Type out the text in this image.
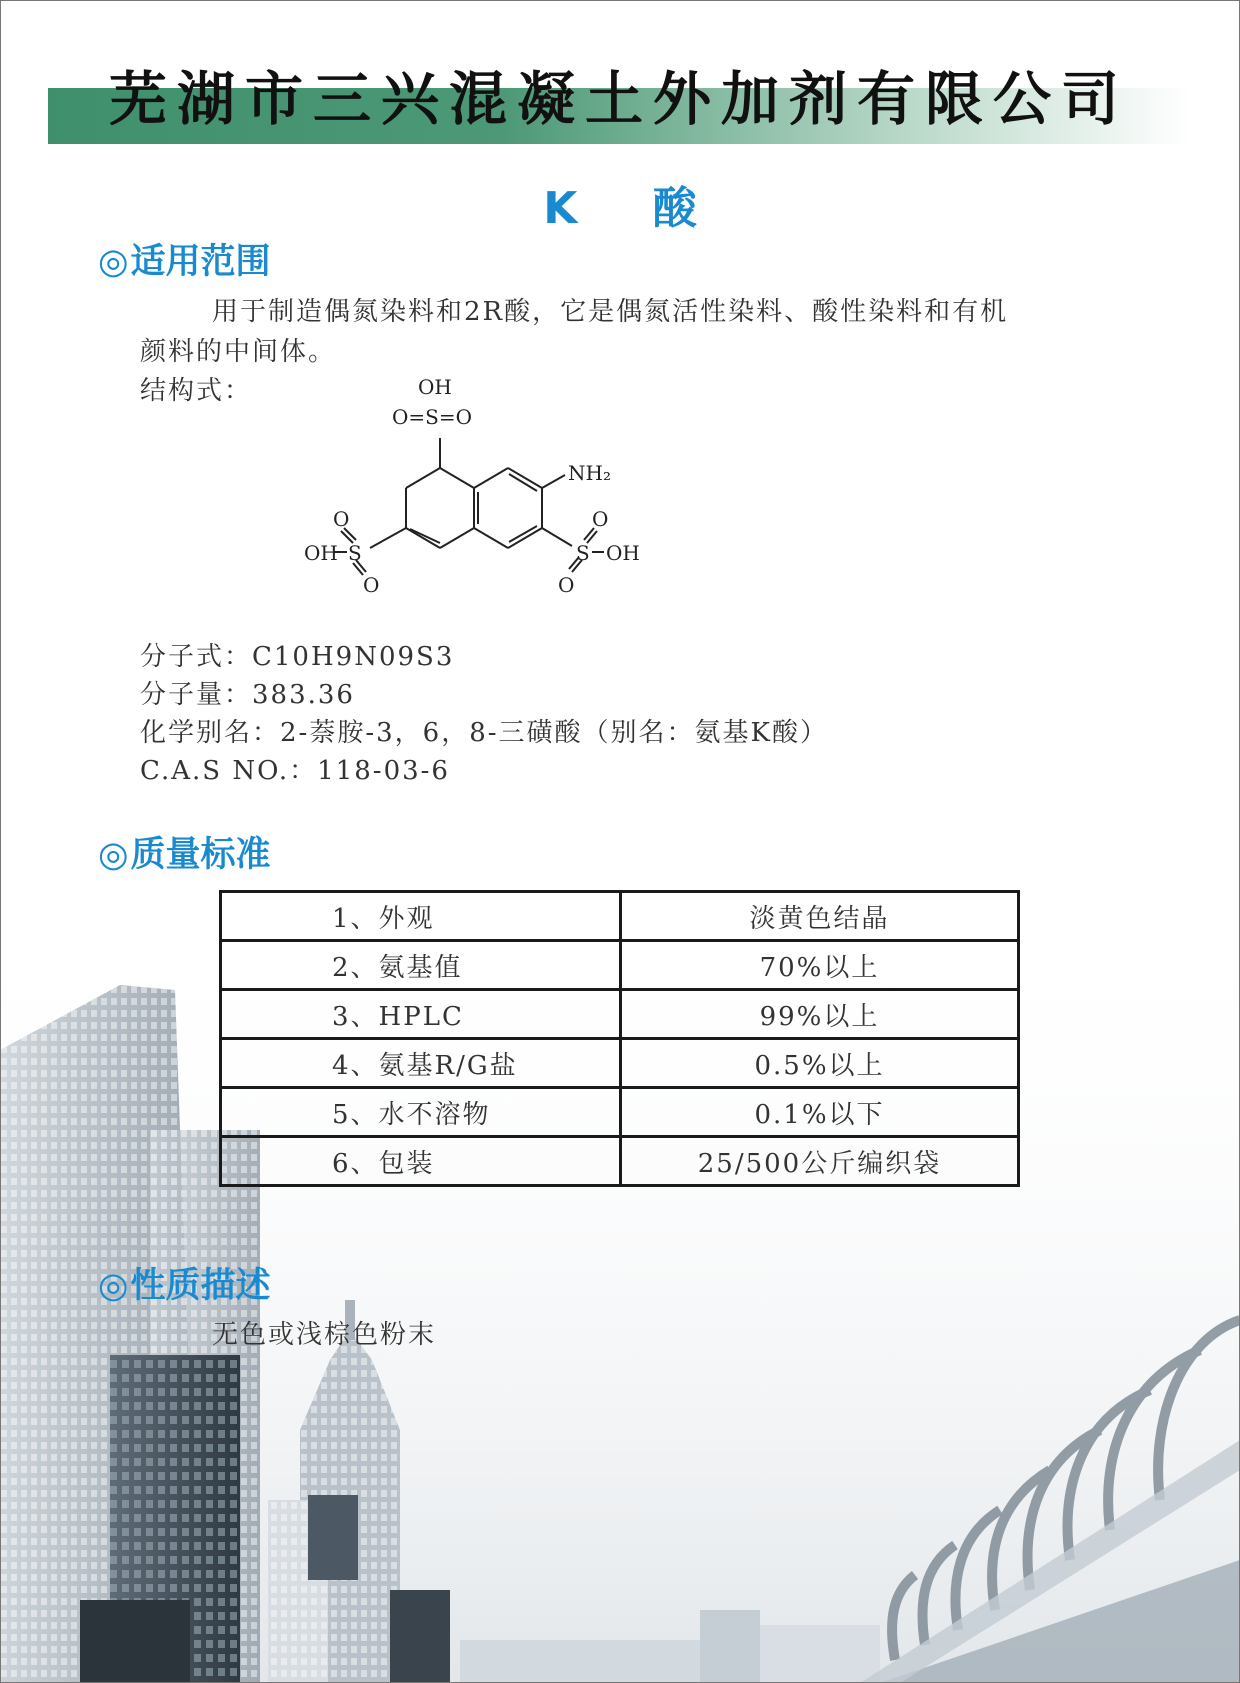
芜湖市三兴混凝土外加剂有限公司
K 酸
◎适用范围
用于制造偶氮染料和2R酸，它是偶氮活性染料、酸性染料和有机
颜料的中间体。
结构式：	OH
O=S=O
NH₂
O
S
OH
O
O
S OH
O
分子式：C10H9N09S3
分子量：383.36
化学别名：2-萘胺-3，6，8-三磺酸（别名：氨基K酸）
C.A.S NO.：118-03-6
◎质量标准
1、外观	淡黄色结晶
2、氨基值	70%以上
3、HPLC	99%以上
4、氨基R/G盐	0.5%以上
5、水不溶物	0.1%以下
6、包装	25/500公斤编织袋
◎性质描述
无色或浅棕色粉末
